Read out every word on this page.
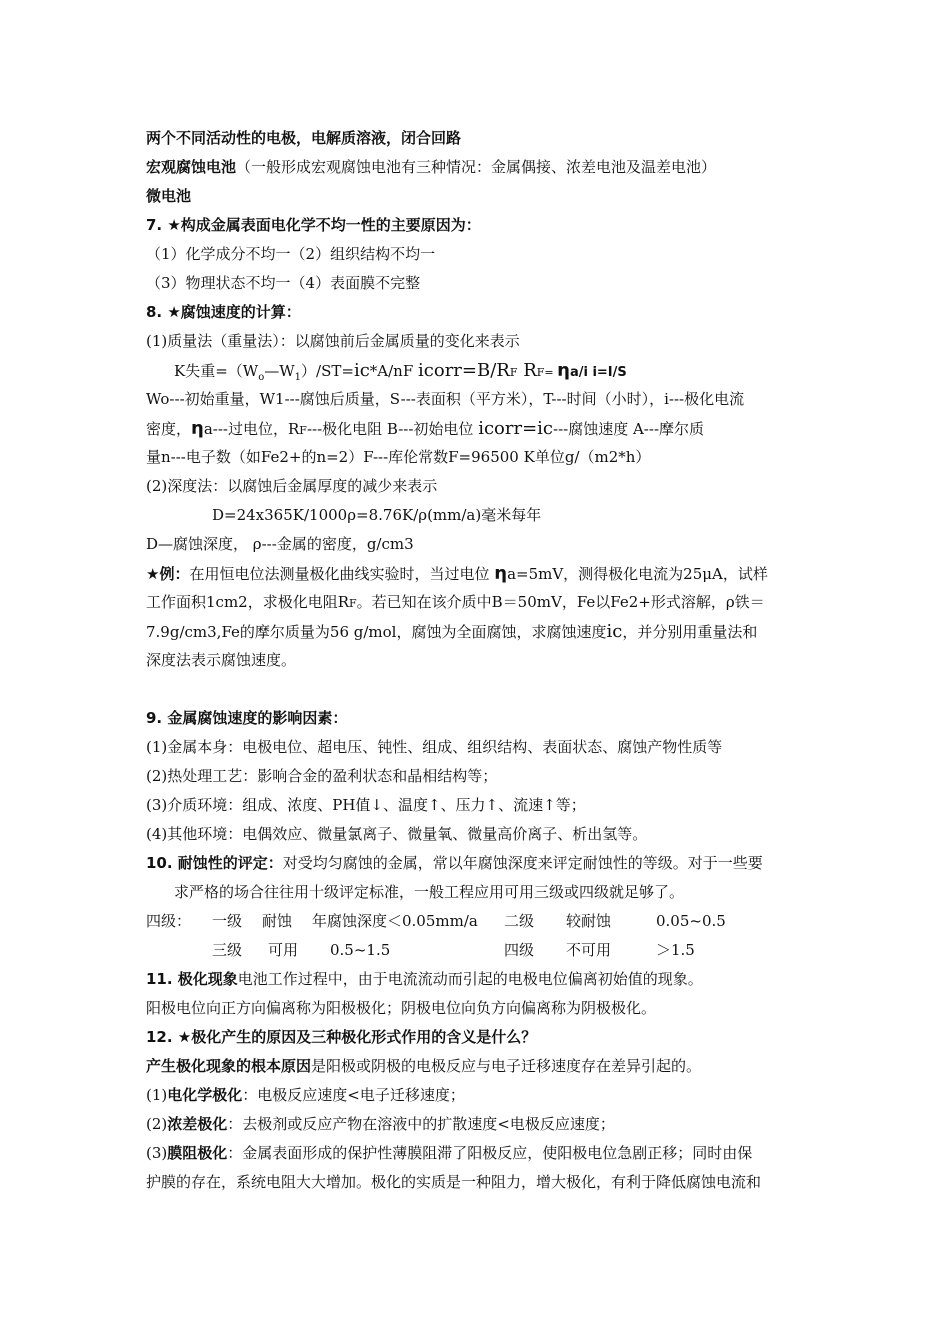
两个不同活动性的电极，电解质溶液，闭合回路
宏观腐蚀电池（一般形成宏观腐蚀电池有三种情况：金属偶接、浓差电池及温差电池）
微电池
7. ★构成金属表面电化学不均一性的主要原因为：
（1）化学成分不均一（2）组织结构不均一
（3）物理状态不均一（4）表面膜不完整
8. ★腐蚀速度的计算：
(1)质量法（重量法）：以腐蚀前后金属质量的变化来表示
K失重$=(W_o—W_1)/ST=ic*A/nF$ icorr=B/RF RF= ηa/i i=I/S
Wo---初始重量，W1---腐蚀后质量，S---表面积（平方米），T---时间（小时），i---极化电流
密度，ηa---过电位，RF---极化电阻 B---初始电位 icorr=ic---腐蚀速度 A---摩尔质
量n---电子数（如Fe2+的n=2）F---库伦常数F=96500 K单位g/（m2*h）
(2)深度法：以腐蚀后金属厚度的减少来表示
D=24x365K/1000ρ=8.76K/ρ(mm/a)毫米每年
D—腐蚀深度， ρ---金属的密度，g/cm3
★例：在用恒电位法测量极化曲线实验时，当过电位 ηa=5mV，测得极化电流为25μA，试样
工作面积1cm2，求极化电阻RF。若已知在该介质中B＝50mV，Fe以Fe2+形式溶解，ρ铁＝
7.9g/cm3,Fe的摩尔质量为56 g/mol，腐蚀为全面腐蚀，求腐蚀速度ic，并分别用重量法和
深度法表示腐蚀速度。
9. 金属腐蚀速度的影响因素：
(1)金属本身：电极电位、超电压、钝性、组成、组织结构、表面状态、腐蚀产物性质等
(2)热处理工艺：影响合金的盈利状态和晶相结构等；
(3)介质环境：组成、浓度、PH值↓、温度↑、压力↑、流速↑等；
(4)其他环境：电偶效应、微量氯离子、微量氧、微量高价离子、析出氢等。
10. 耐蚀性的评定：对受均匀腐蚀的金属，常以年腐蚀深度来评定耐蚀性的等级。对于一些要
求严格的场合往往用十级评定标准，一般工程应用可用三级或四级就足够了。
四级： 一级 耐蚀 年腐蚀深度＜0.05mm/a 二级 较耐蚀	0.05~0.5
三级 可用 0.5~1.5	四级 不可用	＞1.5
11. 极化现象电池工作过程中，由于电流流动而引起的电极电位偏离初始值的现象。
阳极电位向正方向偏离称为阳极极化；阴极电位向负方向偏离称为阴极极化。
12. ★极化产生的原因及三种极化形式作用的含义是什么？
产生极化现象的根本原因是阳极或阴极的电极反应与电子迁移速度存在差异引起的。
(1)电化学极化：电极反应速度<电子迁移速度；
(2)浓差极化：去极剂或反应产物在溶液中的扩散速度<电极反应速度；
(3)膜阻极化：金属表面形成的保护性薄膜阻滞了阳极反应，使阳极电位急剧正移；同时由保
护膜的存在，系统电阻大大增加。极化的实质是一种阻力，增大极化，有利于降低腐蚀电流和
